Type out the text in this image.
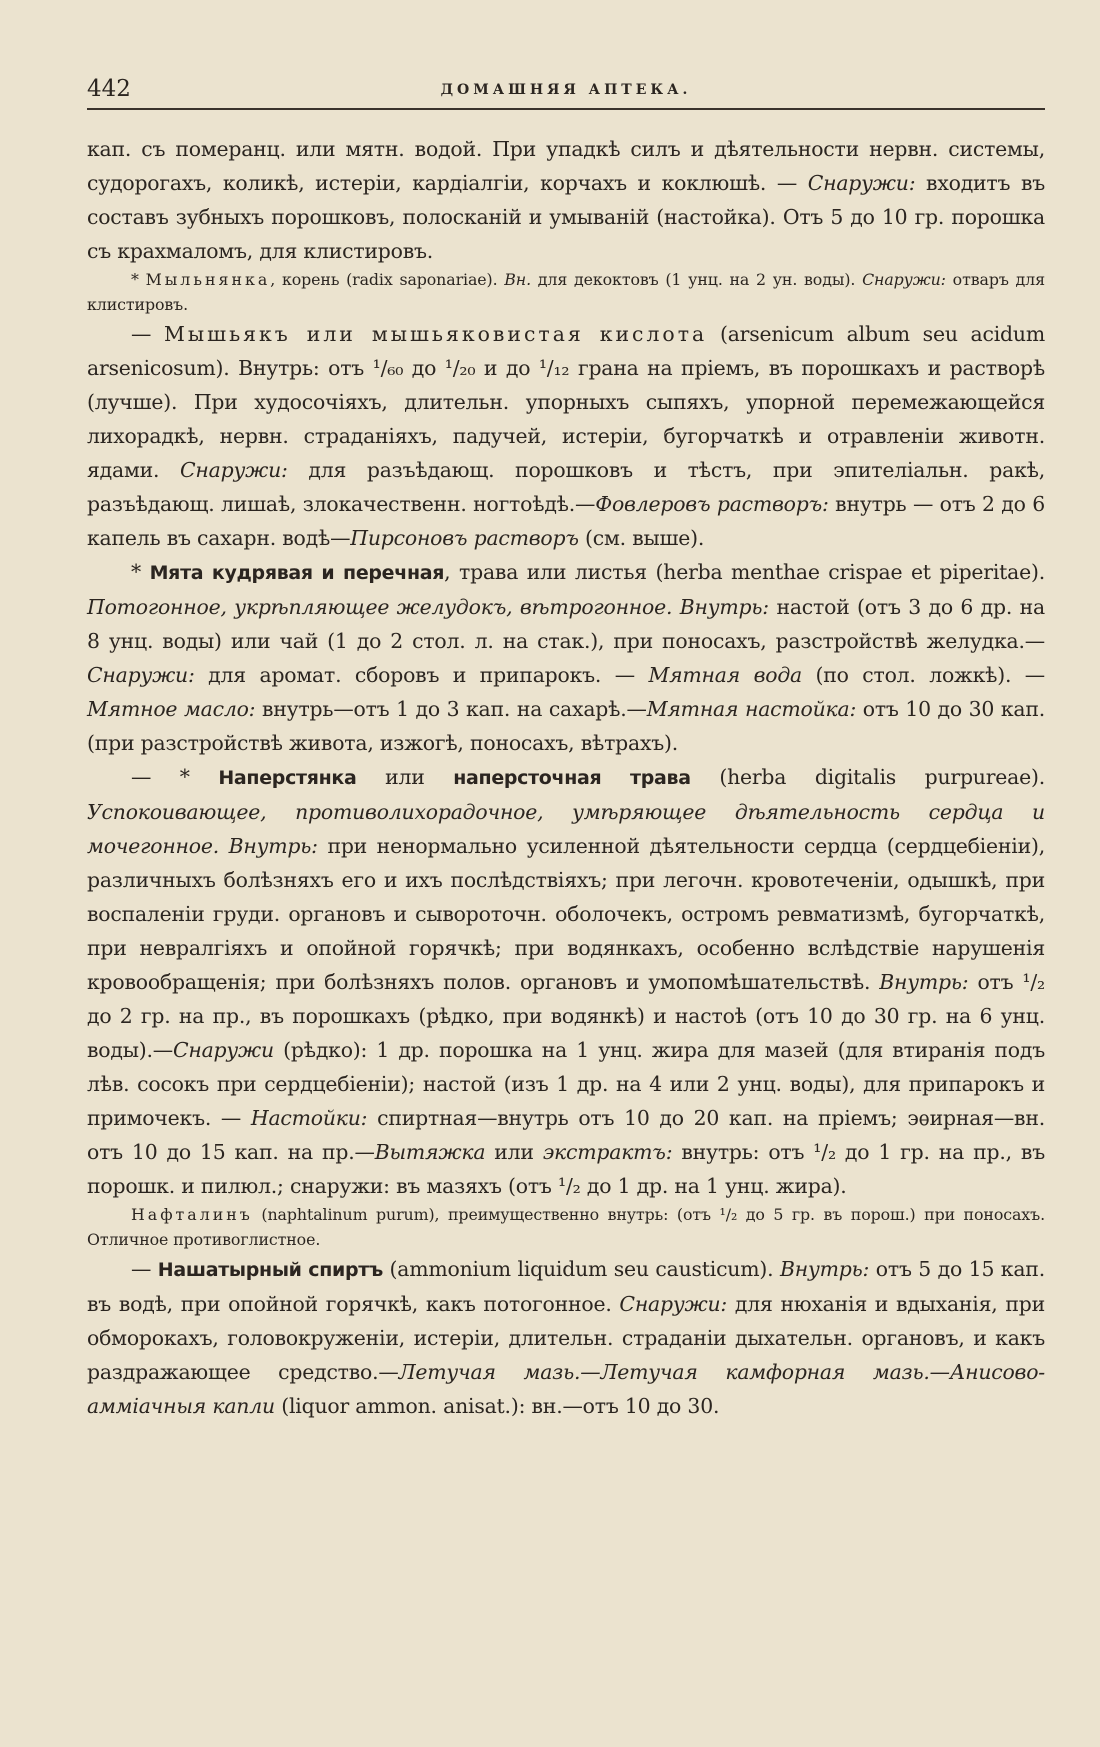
442	ДОМАШНЯЯ АПТЕКА.

кап. съ померанц. или мятн. водой. При упадкѣ силъ и дѣятельности нервн. системы, судорогахъ, коликѣ, истеріи, кардіалгіи, корчахъ и коклюшѣ. — Снаружи: входитъ въ составъ зубныхъ порошковъ, полосканій и умываній (настойка). Отъ 5 до 10 гр. порошка съ крахмаломъ, для клистировъ.

* Мыльнянка, корень (radix saponariae). Вн. для декоктовъ (1 унц. на 2 ун. воды). Снаружи: отваръ для клистировъ.

— Мышьякъ или мышьяковистая кислота (arsenicum album seu acidum arsenicosum). Внутрь: отъ ¹/₆₀ до ¹/₂₀ и до ¹/₁₂ грана на пріемъ, въ порошкахъ и растворѣ (лучше). При худосочіяхъ, длительн. упорныхъ сыпяхъ, упорной перемежающейся лихорадкѣ, нервн. страданіяхъ, падучей, истеріи, бугорчаткѣ и отравленіи животн. ядами. Снаружи: для разъѣдающ. порошковъ и тѣстъ, при эпителіальн. ракѣ, разъѣдающ. лишаѣ, злокачественн. ногтоѣдѣ.—Фовлеровъ растворъ: внутрь — отъ 2 до 6 капель въ сахарн. водѣ—Пирсоновъ растворъ (см. выше).

* Мята кудрявая и перечная, трава или листья (herba menthae crispae et piperitae). Потогонное, укрѣпляющее желудокъ, вѣтрогонное. Внутрь: настой (отъ 3 до 6 др. на 8 унц. воды) или чай (1 до 2 стол. л. на стак.), при поносахъ, разстройствѣ желудка.—Снаружи: для аромат. сборовъ и припарокъ. — Мятная вода (по стол. ложкѣ). — Мятное масло: внутрь—отъ 1 до 3 кап. на сахарѣ.—Мятная настойка: отъ 10 до 30 кап. (при разстройствѣ живота, изжогѣ, поносахъ, вѣтрахъ).

— * Наперстянка или наперсточная трава (herba digitalis purpureae). Успокоивающее, противолихорадочное, умѣряющее дѣятельность сердца и мочегонное. Внутрь: при ненормально усиленной дѣятельности сердца (сердцебіеніи), различныхъ болѣзняхъ его и ихъ послѣдствіяхъ; при легочн. кровотеченіи, одышкѣ, при воспаленіи груди. органовъ и сывороточн. оболочекъ, остромъ ревматизмѣ, бугорчаткѣ, при невралгіяхъ и опойной горячкѣ; при водянкахъ, особенно вслѣдствіе нарушенія кровообращенія; при болѣзняхъ полов. органовъ и умопомѣшательствѣ. Внутрь: отъ ¹/₂ до 2 гр. на пр., въ порошкахъ (рѣдко, при водянкѣ) и настоѣ (отъ 10 до 30 гр. на 6 унц. воды).—Снаружи (рѣдко): 1 др. порошка на 1 унц. жира для мазей (для втиранія подъ лѣв. сосокъ при сердцебіеніи); настой (изъ 1 др. на 4 или 2 унц. воды), для припарокъ и примочекъ. — Настойки: спиртная—внутрь отъ 10 до 20 кап. на пріемъ; эѳирная—вн. отъ 10 до 15 кап. на пр.—Вытяжка или экстрактъ: внутрь: отъ ¹/₂ до 1 гр. на пр., въ порошк. и пилюл.; снаружи: въ мазяхъ (отъ ¹/₂ до 1 др. на 1 унц. жира).

Нафталинъ (naphtalinum purum), преимущественно внутрь: (отъ ¹/₂ до 5 гр. въ порош.) при поносахъ. Отличное противоглистное.

— Нашатырный спиртъ (ammonium liquidum seu causticum). Внутрь: отъ 5 до 15 кап. въ водѣ, при опойной горячкѣ, какъ потогонное. Снаружи: для нюханія и вдыханія, при обморокахъ, головокруженіи, истеріи, длительн. страданіи дыхательн. органовъ, и какъ раздражающее средство.—Летучая мазь.—Летучая камфорная мазь.—Анисово-амміачныя капли (liquor ammon. anisat.): вн.—отъ 10 до 30.
